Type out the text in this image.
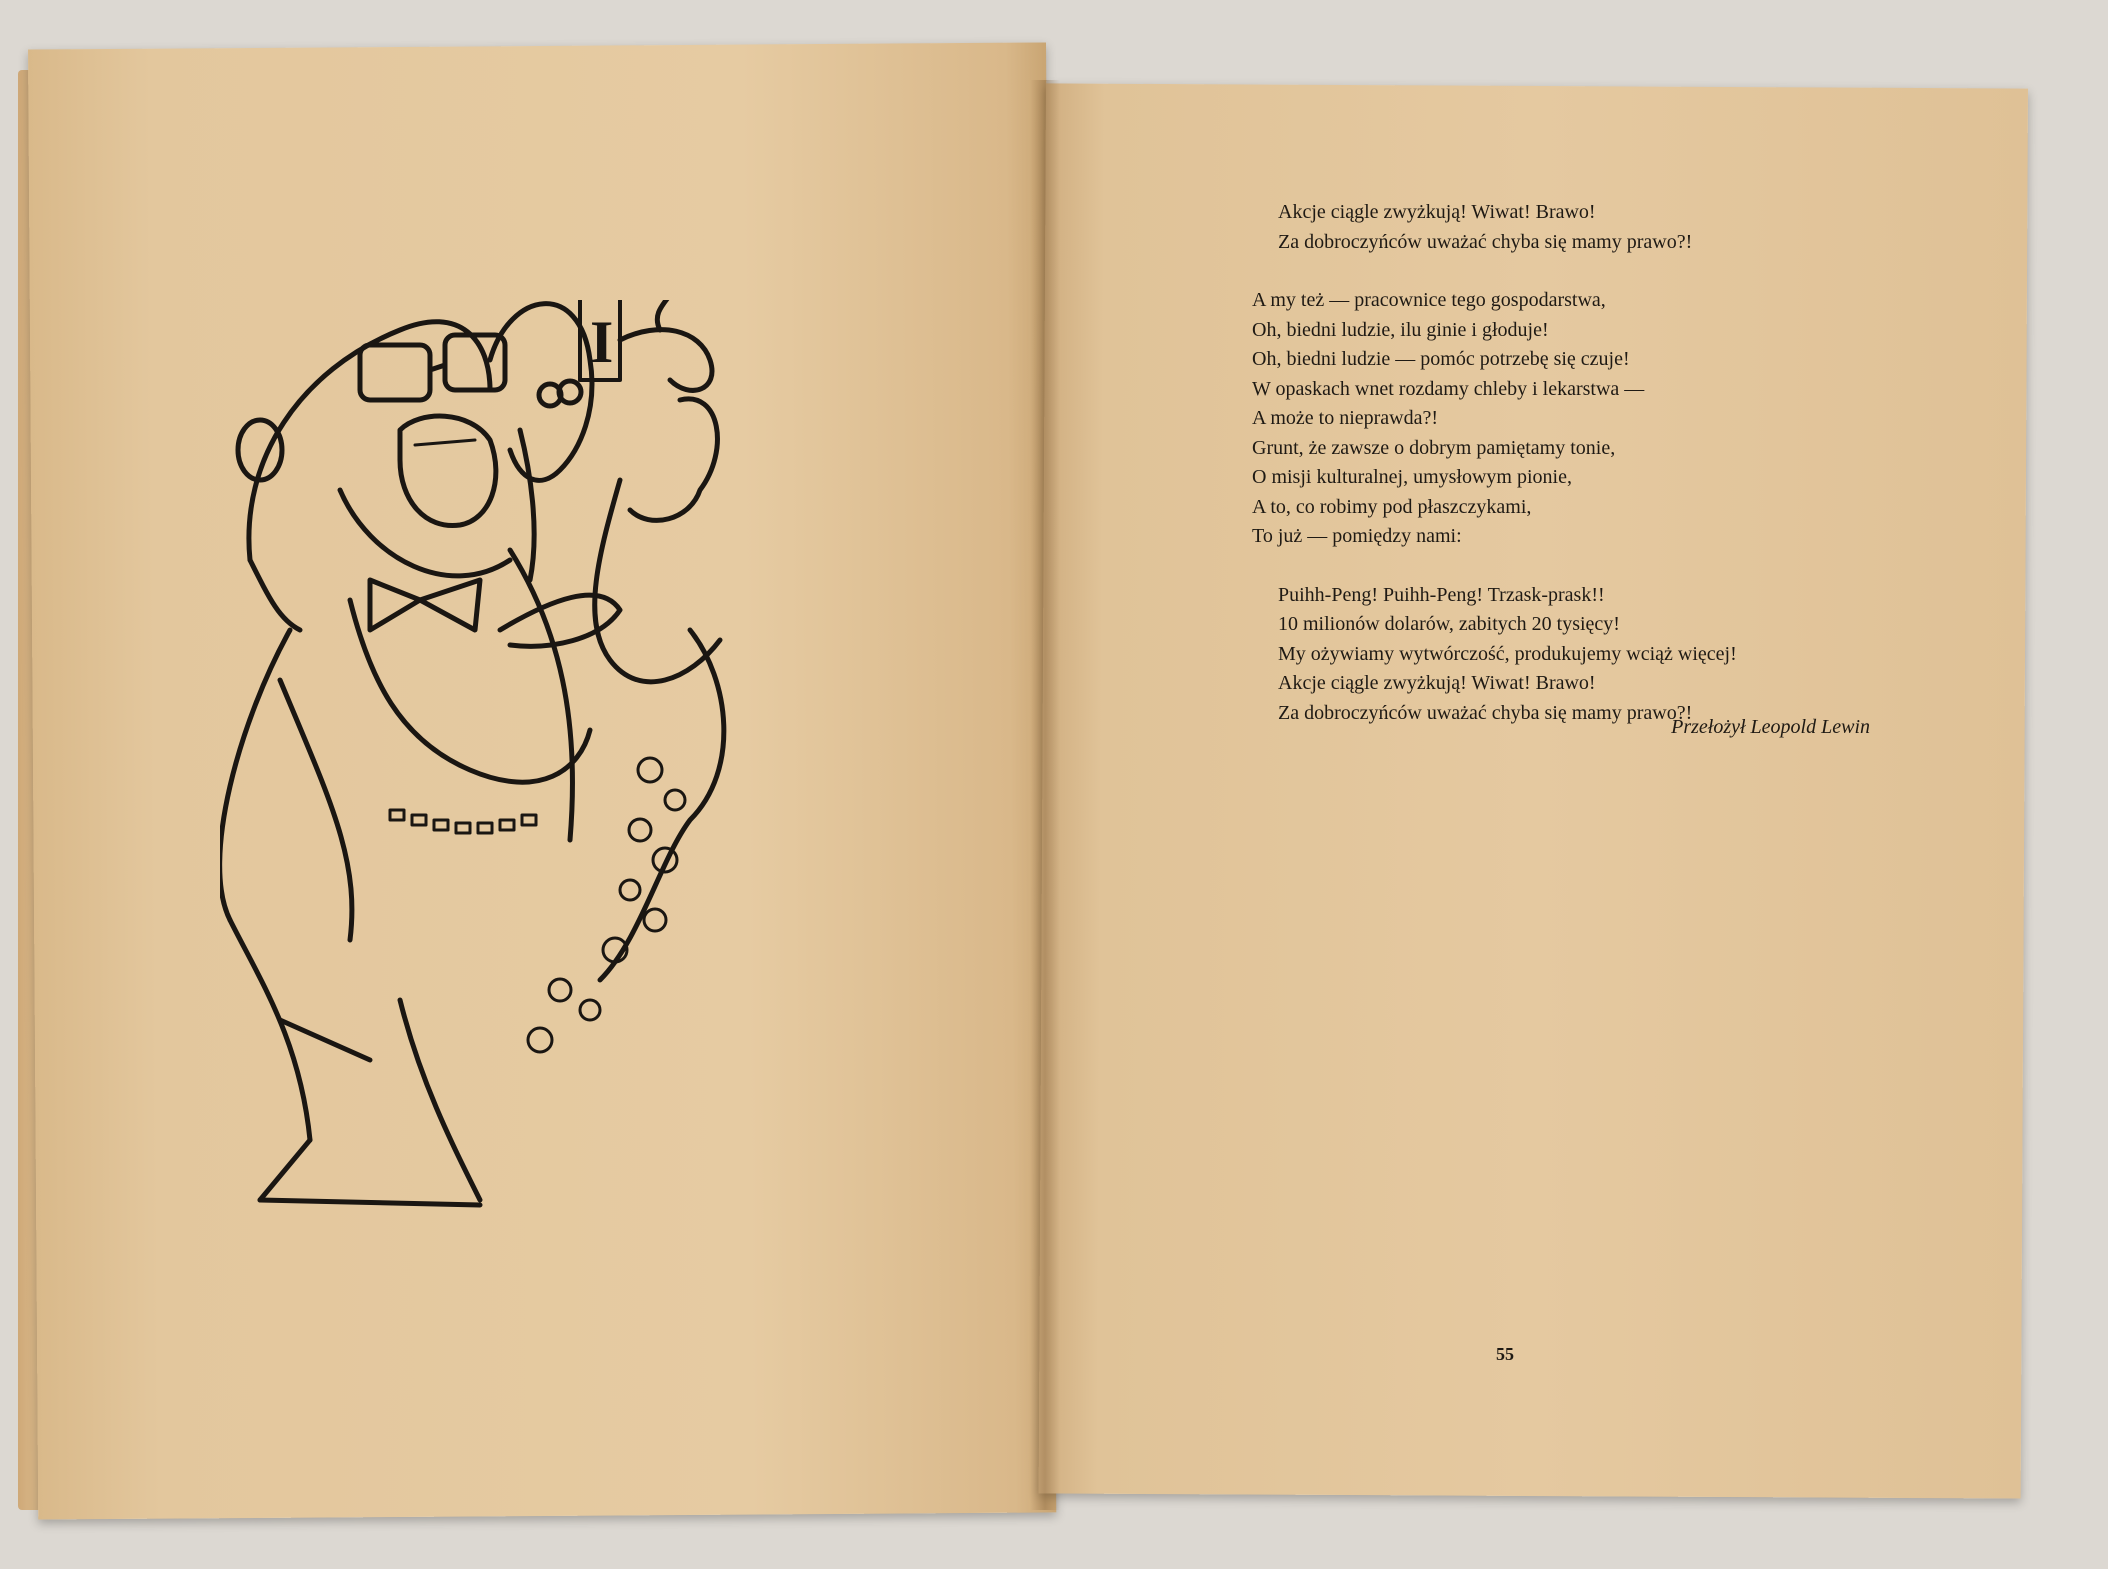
I
Akcje ciągle zwyżkują! Wiwat! Brawo!
Za dobroczyńców uważać chyba się mamy prawo?!
A my też — pracownice tego gospodarstwa,
Oh, biedni ludzie, ilu ginie i głoduje!
Oh, biedni ludzie — pomóc potrzebę się czuje!
W opaskach wnet rozdamy chleby i lekarstwa —
A może to nieprawda?!
Grunt, że zawsze o dobrym pamiętamy tonie,
O misji kulturalnej, umysłowym pionie,
A to, co robimy pod płaszczykami,
To już — pomiędzy nami:
Puihh-Peng! Puihh-Peng! Trzask-prask!!
10 milionów dolarów, zabitych 20 tysięcy!
My ożywiamy wytwórczość, produkujemy wciąż więcej!
Akcje ciągle zwyżkują! Wiwat! Brawo!
Za dobroczyńców uważać chyba się mamy prawo?!
Przełożył Leopold Lewin
55
